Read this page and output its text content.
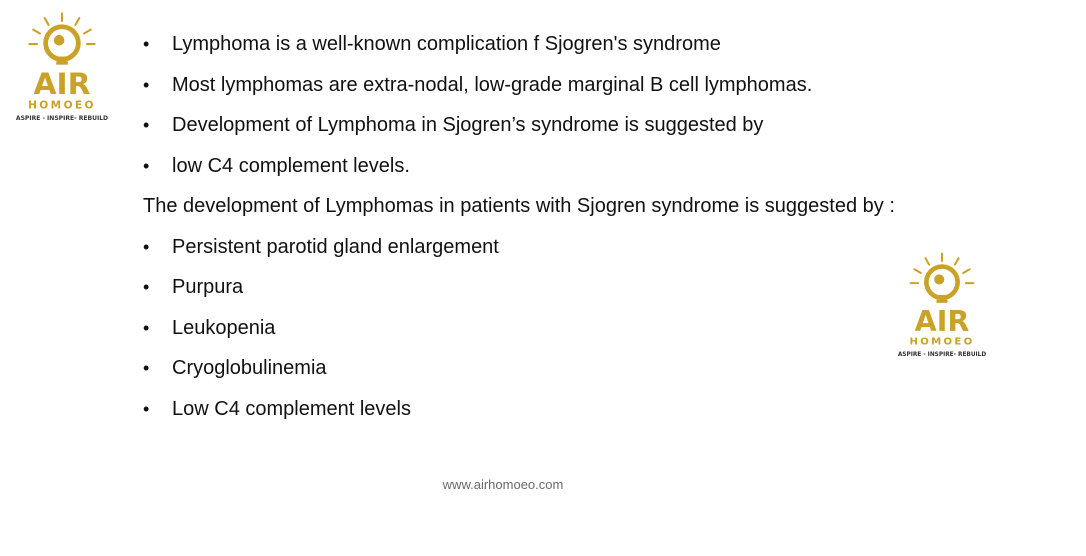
AIR
HOMOEO
ASPIRE - INSPIRE- REBUILD
AIR
HOMOEO
ASPIRE - INSPIRE- REBUILD
•	Lymphoma is a well-known complication f Sjogren's syndrome
•	Most lymphomas are extra-nodal, low-grade marginal B cell lymphomas.
•	Development of Lymphoma in Sjogren’s syndrome is suggested by
•	low C4 complement levels.
The development of Lymphomas in patients with Sjogren syndrome is suggested by :
•	Persistent parotid gland enlargement
•	Purpura
•	Leukopenia
•	Cryoglobulinemia
•	Low C4 complement levels
www.airhomoeo.com
